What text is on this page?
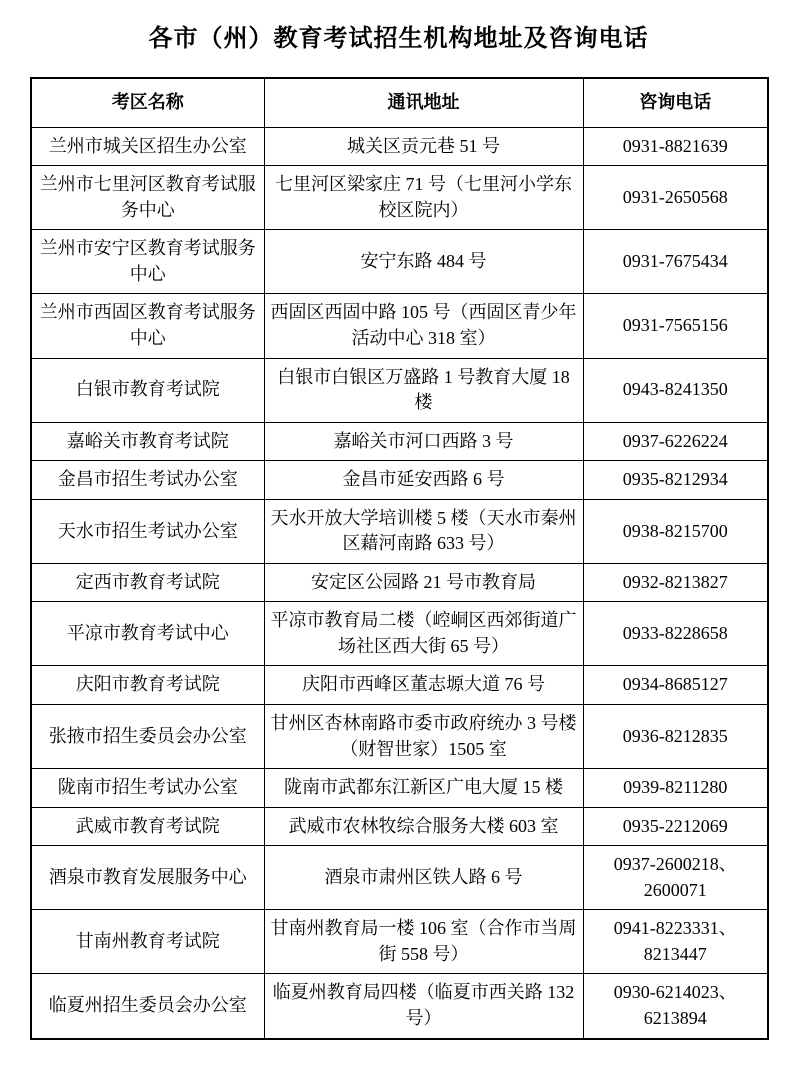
各市（州）教育考试招生机构地址及咨询电话
考区名称	通讯地址	咨询电话
兰州市城关区招生办公室	城关区贡元巷 51 号	0931-8821639
兰州市七里河区教育考试服务中心	七里河区梁家庄 71 号（七里河小学东校区院内）	0931-2650568
兰州市安宁区教育考试服务中心	安宁东路 484 号	0931-7675434
兰州市西固区教育考试服务中心	西固区西固中路 105 号（西固区青少年活动中心 318 室）	0931-7565156
白银市教育考试院	白银市白银区万盛路 1 号教育大厦 18 楼	0943-8241350
嘉峪关市教育考试院	嘉峪关市河口西路 3 号	0937-6226224
金昌市招生考试办公室	金昌市延安西路 6 号	0935-8212934
天水市招生考试办公室	天水开放大学培训楼 5 楼（天水市秦州区藉河南路 633 号）	0938-8215700
定西市教育考试院	安定区公园路 21 号市教育局	0932-8213827
平凉市教育考试中心	平凉市教育局二楼（崆峒区西郊街道广场社区西大街 65 号）	0933-8228658
庆阳市教育考试院	庆阳市西峰区董志塬大道 76 号	0934-8685127
张掖市招生委员会办公室	甘州区杏林南路市委市政府统办 3 号楼（财智世家）1505 室	0936-8212835
陇南市招生考试办公室	陇南市武都东江新区广电大厦 15 楼	0939-8211280
武威市教育考试院	武威市农林牧综合服务大楼 603 室	0935-2212069
酒泉市教育发展服务中心	酒泉市肃州区铁人路 6 号	0937-2600218、2600071
甘南州教育考试院	甘南州教育局一楼 106 室（合作市当周街 558 号）	0941-8223331、8213447
临夏州招生委员会办公室	临夏州教育局四楼（临夏市西关路 132 号）	0930-6214023、6213894
